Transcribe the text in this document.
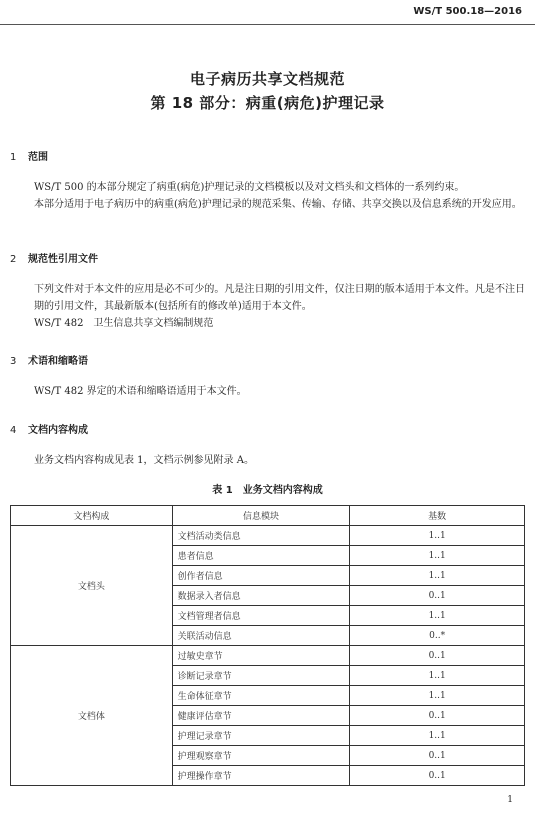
WS/T 500.18—2016
电子病历共享文档规范
第 18 部分：病重(病危)护理记录
1 范围
WS/T 500 的本部分规定了病重(病危)护理记录的文档模板以及对文档头和文档体的一系列约束。
本部分适用于电子病历中的病重(病危)护理记录的规范采集、传输、存储、共享交换以及信息系统的开发应用。
2 规范性引用文件
下列文件对于本文件的应用是必不可少的。凡是注日期的引用文件，仅注日期的版本适用于本文件。凡是不注日期的引用文件，其最新版本(包括所有的修改单)适用于本文件。
WS/T 482　卫生信息共享文档编制规范
3 术语和缩略语
WS/T 482 界定的术语和缩略语适用于本文件。
4 文档内容构成
业务文档内容构成见表 1，文档示例参见附录 A。
表 1　业务文档内容构成
文档构成	信息模块	基数
文档头	文档活动类信息	1..1
	患者信息	1..1
	创作者信息	1..1
	数据录入者信息	0..1
	文档管理者信息	1..1
	关联活动信息	0..*
文档体	过敏史章节	0..1
	诊断记录章节	1..1
	生命体征章节	1..1
	健康评估章节	0..1
	护理记录章节	1..1
	护理观察章节	0..1
	护理操作章节	0..1
1
